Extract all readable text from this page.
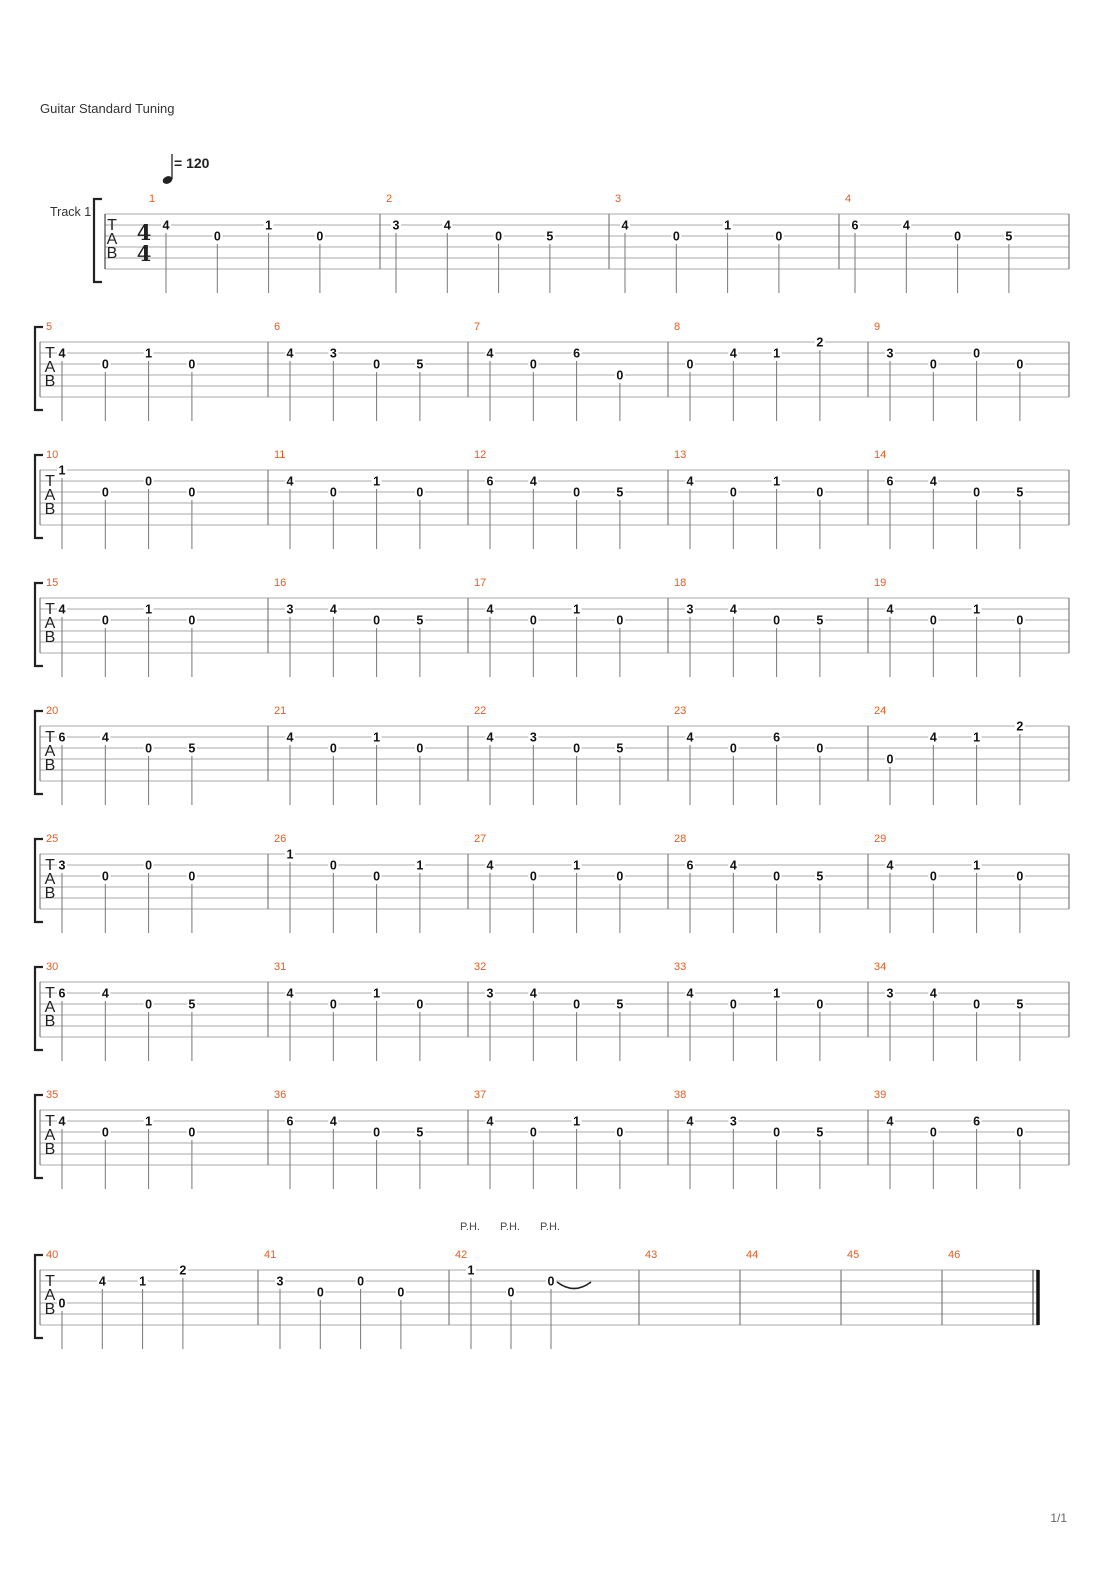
Guitar Standard Tuning
= 120
Track 1
T
A
B
4
4
1
4
0
1
0
2
3	4
0	5
3
4
0
1
0
4
6	4
0	5
T
A
B
5
4
0
1
0
6
4	3
0	5
7
4
0
6
0
8
0
4	1
2
9
3
0
0
0
T
A
B
10
1
0
0
0
11
4
0
1
0
12
6	4
0	5
13
4
0
1
0
14
6	4
0	5
T
A
B
15
4
0
1
0
16
3	4
0	5
17
4
0
1
0
18
3	4
0	5
19
4
0
1
0
T
A
B
20
6	4
0	5
21
4
0
1
0
22
4	3
0	5
23
4
0
6
0
24
0
4	1
2
T
A
B
25
3
0
0
0
26
1
0
0
1
27
4
0
1
0
28
6	4
0	5
29
4
0
1
0
T
A
B
30
6	4
0	5
31
4
0
1
0
32
3	4
0	5
33
4
0
1
0
34
3	4
0	5
T
A
B
35
4
0
1
0
36
6	4
0	5
37
4
0
1
0
38
4	3
0	5
39
4
0
6
0
T
A
B
40
0
4	1
2
41
3
0
0
0
42
1
P.H.
0
P.H.
0
P.H.
43	44	45	46
1/1
